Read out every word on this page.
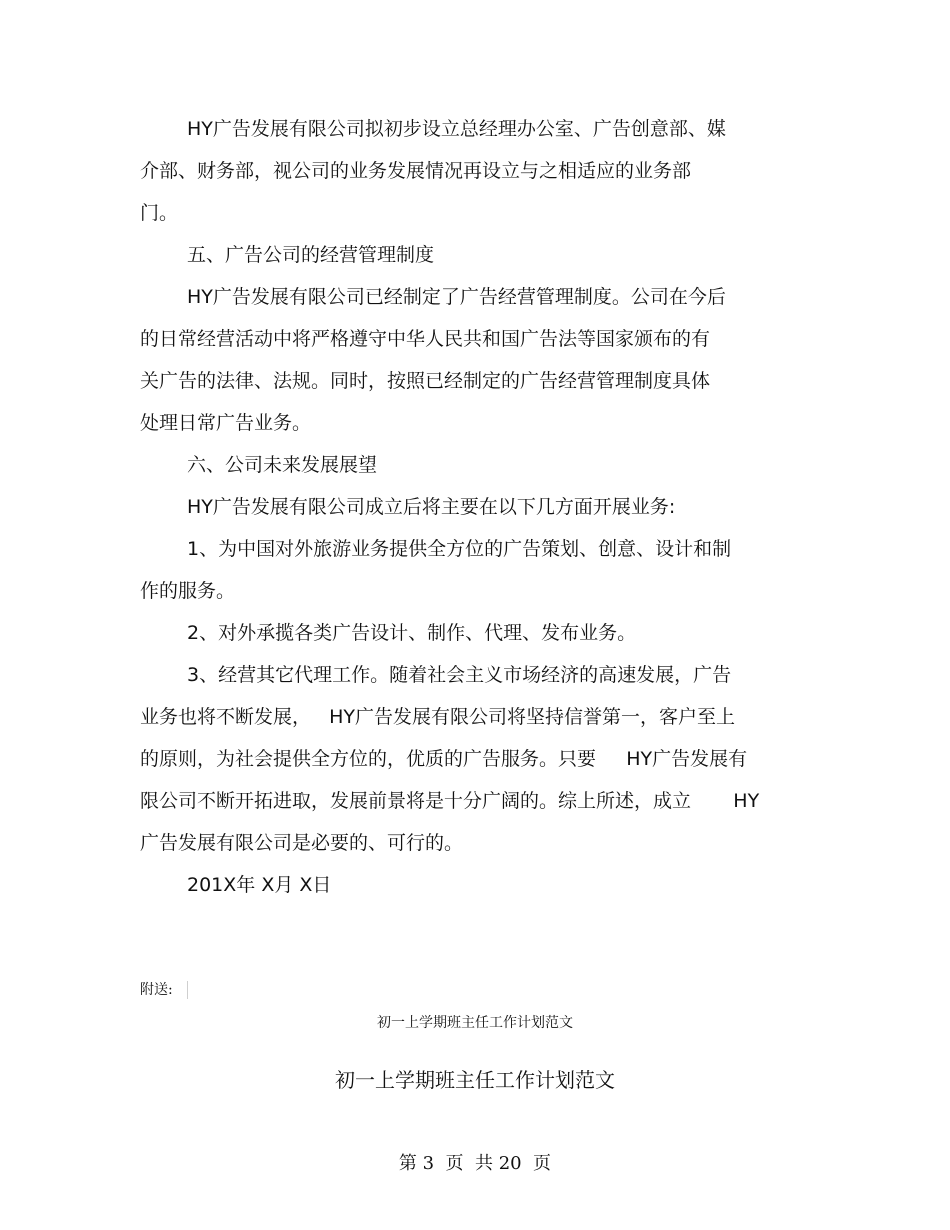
HY广告发展有限公司拟初步设立总经理办公室、广告创意部、媒
介部、财务部，视公司的业务发展情况再设立与之相适应的业务部
门。
五、广告公司的经营管理制度
HY广告发展有限公司已经制定了广告经营管理制度。公司在今后
的日常经营活动中将严格遵守中华人民共和国广告法等国家颁布的有
关广告的法律、法规。同时，按照已经制定的广告经营管理制度具体
处理日常广告业务。
六、公司未来发展展望
HY广告发展有限公司成立后将主要在以下几方面开展业务:
1、为中国对外旅游业务提供全方位的广告策划、创意、设计和制
作的服务。
2、对外承揽各类广告设计、制作、代理、发布业务。
3、经营其它代理工作。随着社会主义市场经济的高速发展，广告
业务也将不断发展，   HY广告发展有限公司将坚持信誉第一，客户至上
的原则，为社会提供全方位的，优质的广告服务。只要     HY广告发展有
限公司不断开拓进取，发展前景将是十分广阔的。综上所述，成立       HY
广告发展有限公司是必要的、可行的。
201X年 X月 X日
附送:
初一上学期班主任工作计划范文
初一上学期班主任工作计划范文
第 3  页  共 20  页
